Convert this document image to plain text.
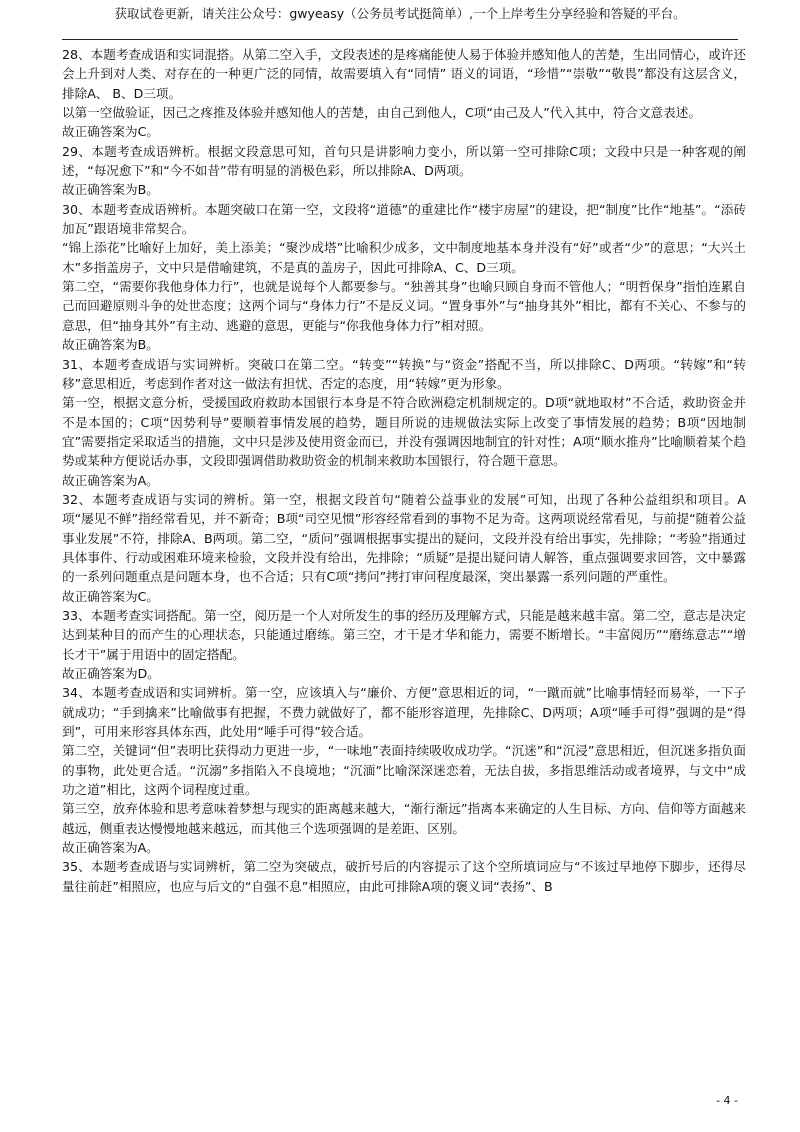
获取试卷更新，请关注公众号：gwyeasy（公务员考试挺简单）,一个上岸考生分享经验和答疑的平台。

28、本题考查成语和实词混搭。从第二空入手，文段表述的是疼痛能使人易于体验并感知他人的苦楚，生出同情心，或许还会上升到对人类、对存在的一种更广泛的同情，故需要填入有“同情” 语义的词语，“珍惜”“崇敬”“敬畏”都没有这层含义，排除A、 B、D三项。

以第一空做验证，因己之疼推及体验并感知他人的苦楚，由自己到他人，C项“由己及人”代入其中，符合文意表述。

故正确答案为C。

29、本题考查成语辨析。根据文段意思可知，首句只是讲影响力变小，所以第一空可排除C项；文段中只是一种客观的阐述，“每况愈下”和“今不如昔”带有明显的消极色彩，所以排除A、D两项。

故正确答案为B。

30、本题考查成语辨析。本题突破口在第一空，文段将“道德”的重建比作“楼宇房屋”的建设，把“制度”比作“地基”。“添砖加瓦”跟语境非常契合。

“锦上添花”比喻好上加好，美上添美；“聚沙成塔”比喻积少成多，文中制度地基本身并没有“好”或者“少”的意思；“大兴土木”多指盖房子，文中只是借喻建筑，不是真的盖房子，因此可排除A、C、D三项。

第二空，“需要你我他身体力行”，也就是说每个人都要参与。“独善其身”也喻只顾自身而不管他人；“明哲保身”指怕连累自己而回避原则斗争的处世态度；这两个词与“身体力行”不是反义词。“置身事外”与“抽身其外”相比，都有不关心、不参与的意思，但“抽身其外”有主动、逃避的意思，更能与“你我他身体力行”相对照。

故正确答案为B。

31、本题考查成语与实词辨析。突破口在第二空。“转变”“转换”与“资金”搭配不当，所以排除C、D两项。“转嫁”和“转移”意思相近，考虑到作者对这一做法有担忧、否定的态度，用“转嫁”更为形象。

第一空，根据文意分析，受援国政府救助本国银行本身是不符合欧洲稳定机制规定的。D项“就地取材”不合适，救助资金并不是本国的；C项“因势利导”要顺着事情发展的趋势，题目所说的违规做法实际上改变了事情发展的趋势；B项“因地制宜”需要指定采取适当的措施，文中只是涉及使用资金而已，并没有强调因地制宜的针对性；A项“顺水推舟”比喻顺着某个趋势或某种方便说话办事，文段即强调借助救助资金的机制来救助本国银行，符合题干意思。

故正确答案为A。

32、本题考查成语与实词的辨析。第一空，根据文段首句“随着公益事业的发展”可知，出现了各种公益组织和项目。A项“屡见不鲜”指经常看见，并不新奇；B项“司空见惯”形容经常看到的事物不足为奇。这两项说经常看见，与前提“随着公益事业发展”不符，排除A、B两项。第二空，“质问”强调根据事实提出的疑问，文段并没有给出事实，先排除；“考验”指通过具体事件、行动或困难环境来检验，文段并没有给出，先排除；“质疑”是提出疑问请人解答，重点强调要求回答，文中暴露的一系列问题重点是问题本身，也不合适；只有C项“拷问”拷打审问程度最深，突出暴露一系列问题的严重性。

故正确答案为C。

33、本题考查实词搭配。第一空，阅历是一个人对所发生的事的经历及理解方式，只能是越来越丰富。第二空，意志是决定达到某种目的而产生的心理状态，只能通过磨练。第三空，才干是才华和能力，需要不断增长。“丰富阅历”“磨练意志”“增长才干”属于用语中的固定搭配。

故正确答案为D。

34、本题考查成语和实词辨析。第一空，应该填入与“廉价、方便”意思相近的词，“一蹴而就”比喻事情轻而易举，一下子就成功；“手到擒来”比喻做事有把握，不费力就做好了，都不能形容道理，先排除C、D两项；A项“唾手可得”强调的是“得到”，可用来形容具体东西，此处用“唾手可得”较合适。

第二空，关键词“但”表明比获得动力更进一步，“一味地”表面持续吸收成功学。“沉迷”和“沉浸”意思相近，但沉迷多指负面的事物，此处更合适。“沉溺”多指陷入不良境地；“沉湎”比喻深深迷恋着，无法自拔，多指思维活动或者境界，与文中“成功之道”相比，这两个词程度过重。

第三空，放弃体验和思考意味着梦想与现实的距离越来越大，“渐行渐远”指离本来确定的人生目标、方向、信仰等方面越来越远，侧重表达慢慢地越来越远，而其他三个选项强调的是差距、区别。

故正确答案为A。

35、本题考查成语与实词辨析，第二空为突破点，破折号后的内容提示了这个空所填词应与“不该过早地停下脚步，还得尽量往前赶”相照应，也应与后文的“自强不息”相照应，由此可排除A项的褒义词“表扬”、B

- 4 -
